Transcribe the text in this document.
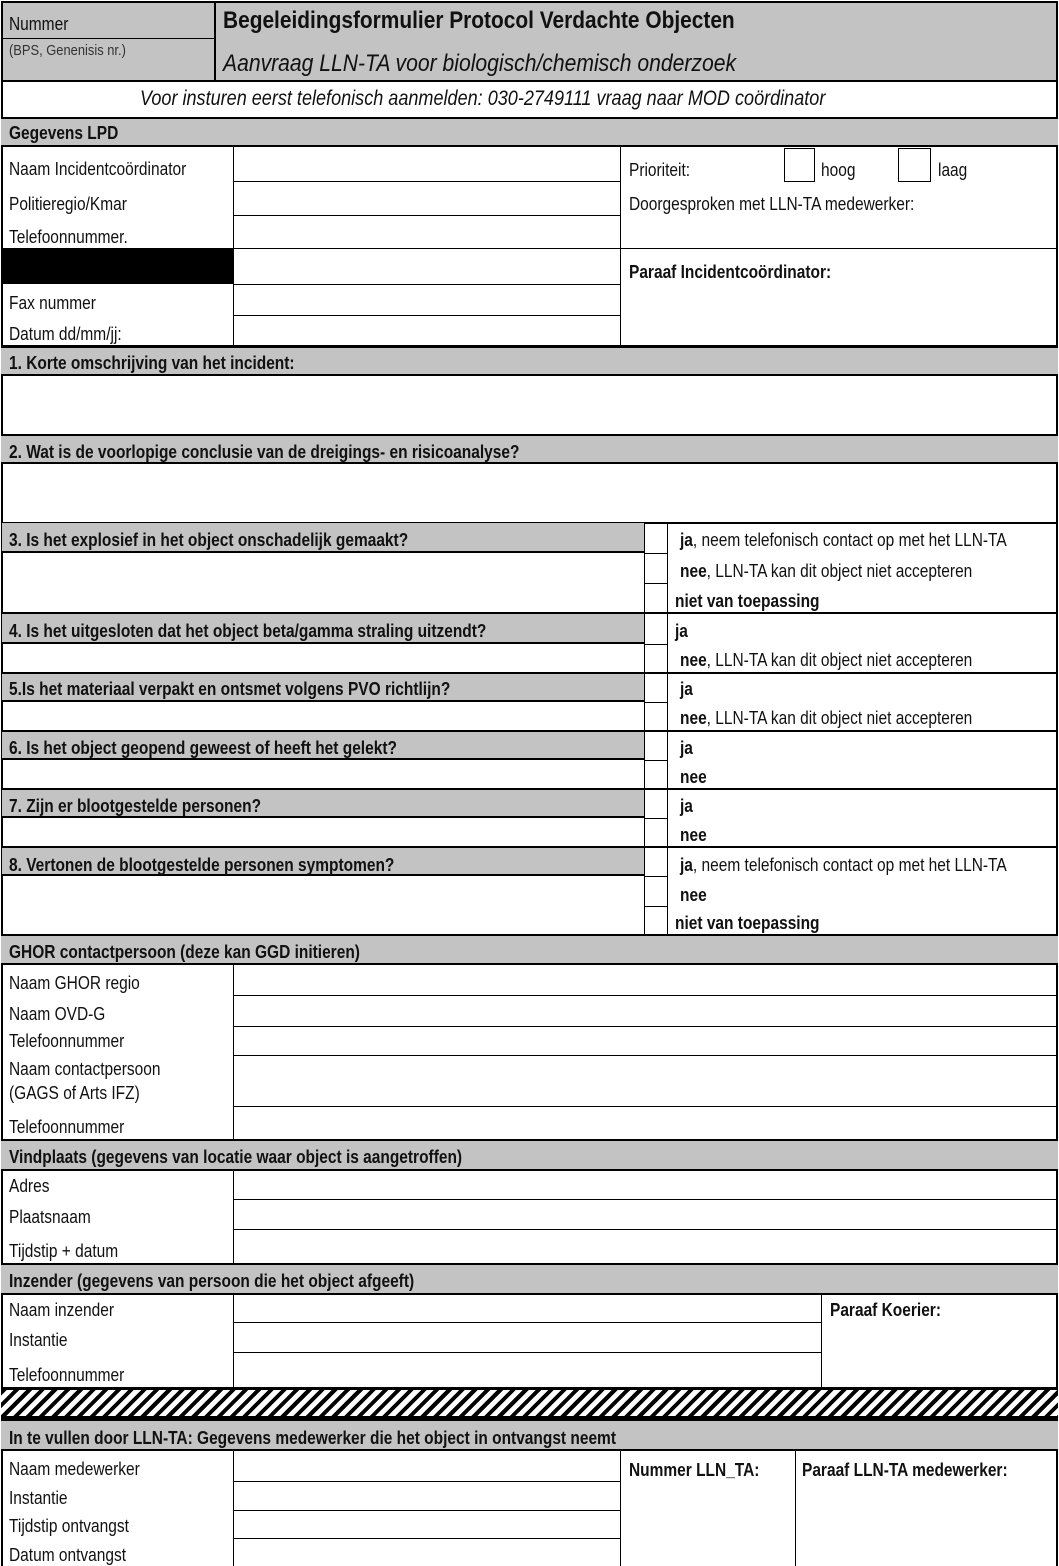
Nummer
(BPS, Genenisis nr.)
Begeleidingsformulier Protocol Verdachte Objecten
Aanvraag LLN-TA voor biologisch/chemisch onderzoek
Voor insturen eerst telefonisch aanmelden: 030-2749111 vraag naar MOD coördinator
Gegevens LPD
Naam Incidentcoördinator
Politieregio/Kmar
Telefoonnummer.
Fax nummer
Datum dd/mm/jj:
Prioriteit:	hoog	laag
Doorgesproken met LLN-TA medewerker:
Paraaf Incidentcoördinator:
1. Korte omschrijving van het incident:
2. Wat is de voorlopige conclusie van de dreigings- en risicoanalyse?
3. Is het explosief in het object onschadelijk gemaakt?	ja, neem telefonisch contact op met het LLN-TA
nee, LLN-TA kan dit object niet accepteren
niet van toepassing
4. Is het uitgesloten dat het object beta/gamma straling uitzendt?	ja
nee, LLN-TA kan dit object niet accepteren
5.Is het materiaal verpakt en ontsmet volgens PVO richtlijn?	ja
nee, LLN-TA kan dit object niet accepteren
6. Is het object geopend geweest of heeft het gelekt?	ja
nee
7. Zijn er blootgestelde personen?	ja
nee
8. Vertonen de blootgestelde personen symptomen?	ja, neem telefonisch contact op met het LLN-TA
nee
niet van toepassing
GHOR contactpersoon (deze kan GGD initieren)
Naam GHOR regio
Naam OVD-G
Telefoonnummer
Naam contactpersoon
(GAGS of Arts IFZ)
Telefoonnummer
Vindplaats (gegevens van locatie waar object is aangetroffen)
Adres
Plaatsnaam
Tijdstip + datum
Inzender (gegevens van persoon die het object afgeeft)
Naam inzender
Instantie
Telefoonnummer
Paraaf Koerier:
In te vullen door LLN-TA: Gegevens medewerker die het object in ontvangst neemt
Naam medewerker
Instantie
Tijdstip ontvangst
Datum ontvangst
Nummer LLN_TA: Paraaf LLN-TA medewerker:
